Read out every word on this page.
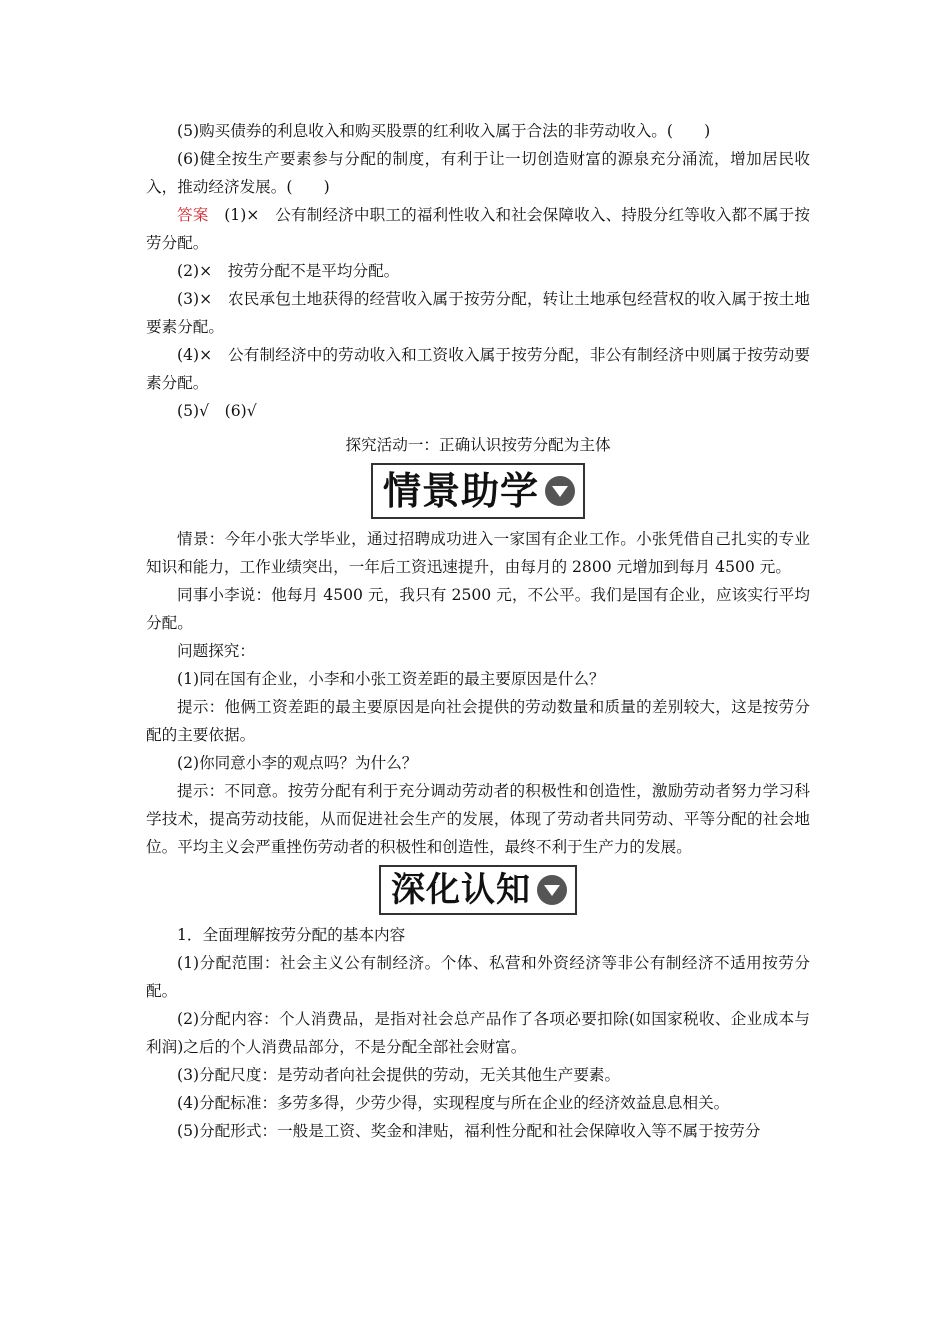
(5)购买债券的利息收入和购买股票的红利收入属于合法的非劳动收入。(　　)

(6)健全按生产要素参与分配的制度，有利于让一切创造财富的源泉充分涌流，增加居民收入，推动经济发展。(　　)

答案　(1)×　公有制经济中职工的福利性收入和社会保障收入、持股分红等收入都不属于按劳分配。

(2)×　按劳分配不是平均分配。

(3)×　农民承包土地获得的经营收入属于按劳分配，转让土地承包经营权的收入属于按土地要素分配。

(4)×　公有制经济中的劳动收入和工资收入属于按劳分配，非公有制经济中则属于按劳动要素分配。

(5)√　(6)√

探究活动一：正确认识按劳分配为主体

情景助学

情景：今年小张大学毕业，通过招聘成功进入一家国有企业工作。小张凭借自己扎实的专业知识和能力，工作业绩突出，一年后工资迅速提升，由每月的 2800 元增加到每月 4500 元。

同事小李说：他每月 4500 元，我只有 2500 元，不公平。我们是国有企业，应该实行平均分配。

问题探究：

(1)同在国有企业，小李和小张工资差距的最主要原因是什么？

提示：他俩工资差距的最主要原因是向社会提供的劳动数量和质量的差别较大，这是按劳分配的主要依据。

(2)你同意小李的观点吗？为什么？

提示：不同意。按劳分配有利于充分调动劳动者的积极性和创造性，激励劳动者努力学习科学技术，提高劳动技能，从而促进社会生产的发展，体现了劳动者共同劳动、平等分配的社会地位。平均主义会严重挫伤劳动者的积极性和创造性，最终不利于生产力的发展。

深化认知

1．全面理解按劳分配的基本内容

(1)分配范围：社会主义公有制经济。个体、私营和外资经济等非公有制经济不适用按劳分配。

(2)分配内容：个人消费品，是指对社会总产品作了各项必要扣除(如国家税收、企业成本与利润)之后的个人消费品部分，不是分配全部社会财富。

(3)分配尺度：是劳动者向社会提供的劳动，无关其他生产要素。

(4)分配标准：多劳多得，少劳少得，实现程度与所在企业的经济效益息息相关。

(5)分配形式：一般是工资、奖金和津贴，福利性分配和社会保障收入等不属于按劳分
